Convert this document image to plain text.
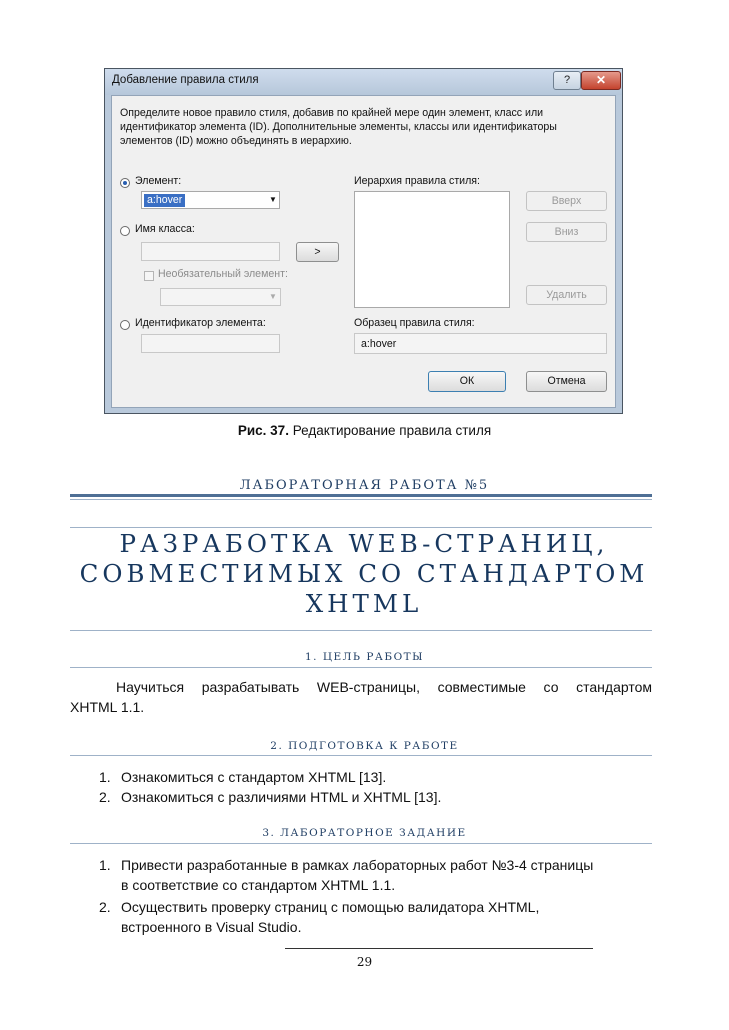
Добавление правила стиля	?	✕
Определите новое правило стиля, добавив по крайней мере один элемент, класс или идентификатор элемента (ID). Дополнительные элементы, классы или идентификаторы элементов (ID) можно объединять в иерархию.
Элемент:
a:hover	▼
Имя класса:
>
Необязательный элемент:
▼
Идентификатор элемента:
Иерархия правила стиля:
Вверх
Вниз
Удалить
Образец правила стиля:
a:hover
ОК	Отмена
Рис. 37. Редактирование правила стиля
ЛАБОРАТОРНАЯ РАБОТА №5
РАЗРАБОТКА WEB-СТРАНИЦ,
СОВМЕСТИМЫХ СО СТАНДАРТОМ
XHTML
1. ЦЕЛЬ РАБОТЫ
Научиться разрабатывать WEB-страницы, совместимые со стандартом
XHTML 1.1.
2. ПОДГОТОВКА К РАБОТЕ
1. Ознакомиться с стандартом XHTML [13].
2. Ознакомиться с различиями HTML и XHTML [13].
3. ЛАБОРАТОРНОЕ ЗАДАНИЕ
1. Привести разработанные в рамках лабораторных работ №3-4 страницы
в соответствие со стандартом XHTML 1.1.
2. Осуществить проверку страниц с помощью валидатора XHTML,
встроенного в Visual Studio.
29
